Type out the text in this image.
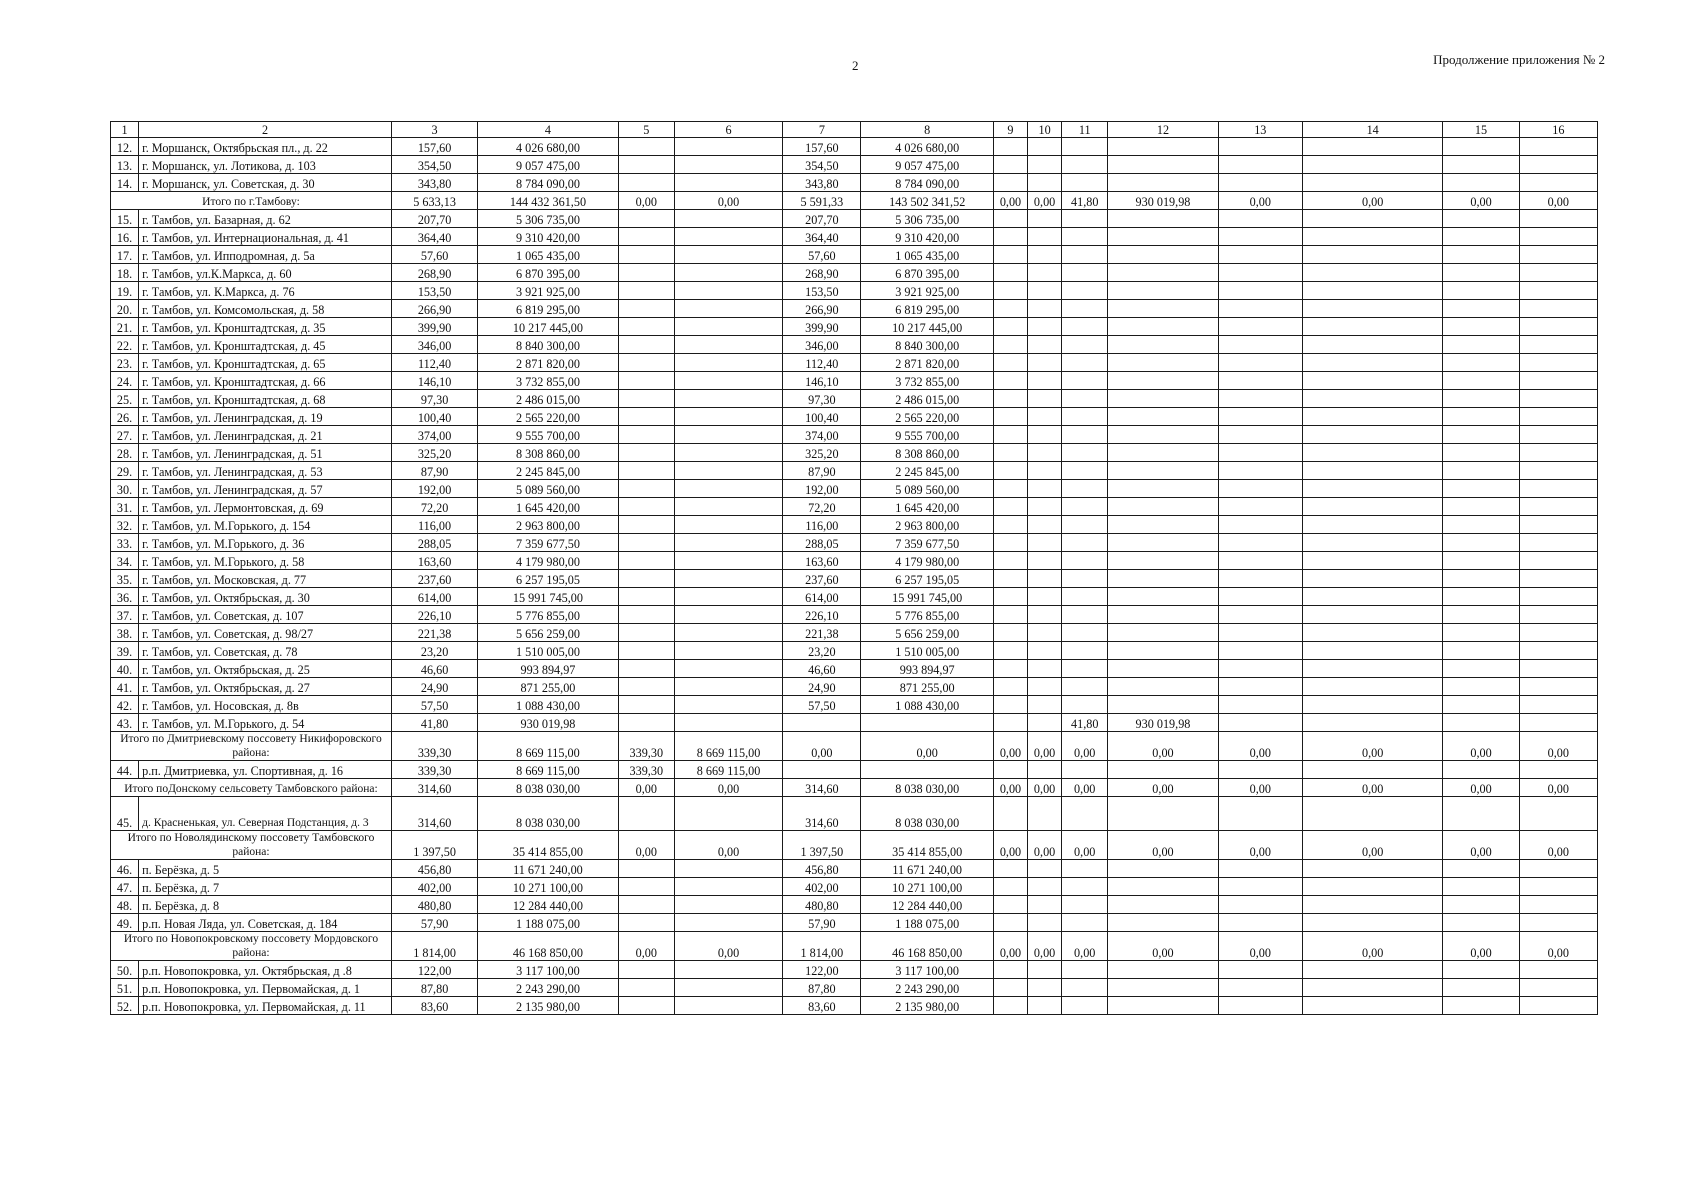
2	Продолжение приложения № 2
1	2	3	4	5	6	7	8	9	10	11	12	13	14	15	16
12.	г. Моршанск, Октябрьская пл., д. 22	157,60	4 026 680,00			157,60	4 026 680,00								
13.	г. Моршанск, ул. Лотикова, д. 103	354,50	9 057 475,00			354,50	9 057 475,00								
14.	г. Моршанск, ул. Советская, д. 30	343,80	8 784 090,00			343,80	8 784 090,00								
Итого по г.Тамбову:		5 633,13	144 432 361,50	0,00	0,00	5 591,33	143 502 341,52	0,00	0,00	41,80	930 019,98	0,00	0,00	0,00	0,00
15.	г. Тамбов, ул. Базарная, д. 62	207,70	5 306 735,00			207,70	5 306 735,00								
16.	г. Тамбов, ул. Интернациональная, д. 41	364,40	9 310 420,00			364,40	9 310 420,00								
17.	г. Тамбов, ул. Ипподромная, д. 5а	57,60	1 065 435,00			57,60	1 065 435,00								
18.	г. Тамбов, ул.К.Маркса, д. 60	268,90	6 870 395,00			268,90	6 870 395,00								
19.	г. Тамбов, ул. К.Маркса, д. 76	153,50	3 921 925,00			153,50	3 921 925,00								
20.	г. Тамбов, ул. Комсомольская, д. 58	266,90	6 819 295,00			266,90	6 819 295,00								
21.	г. Тамбов, ул. Кронштадтская, д. 35	399,90	10 217 445,00			399,90	10 217 445,00								
22.	г. Тамбов, ул. Кронштадтская, д. 45	346,00	8 840 300,00			346,00	8 840 300,00								
23.	г. Тамбов, ул. Кронштадтская, д. 65	112,40	2 871 820,00			112,40	2 871 820,00								
24.	г. Тамбов, ул. Кронштадтская, д. 66	146,10	3 732 855,00			146,10	3 732 855,00								
25.	г. Тамбов, ул. Кронштадтская, д. 68	97,30	2 486 015,00			97,30	2 486 015,00								
26.	г. Тамбов, ул. Ленинградская, д. 19	100,40	2 565 220,00			100,40	2 565 220,00								
27.	г. Тамбов, ул. Ленинградская, д. 21	374,00	9 555 700,00			374,00	9 555 700,00								
28.	г. Тамбов, ул. Ленинградская, д. 51	325,20	8 308 860,00			325,20	8 308 860,00								
29.	г. Тамбов, ул. Ленинградская, д. 53	87,90	2 245 845,00			87,90	2 245 845,00								
30.	г. Тамбов, ул. Ленинградская, д. 57	192,00	5 089 560,00			192,00	5 089 560,00								
31.	г. Тамбов, ул. Лермонтовская, д. 69	72,20	1 645 420,00			72,20	1 645 420,00								
32.	г. Тамбов, ул. М.Горького, д. 154	116,00	2 963 800,00			116,00	2 963 800,00								
33.	г. Тамбов, ул. М.Горького, д. 36	288,05	7 359 677,50			288,05	7 359 677,50								
34.	г. Тамбов, ул. М.Горького, д. 58	163,60	4 179 980,00			163,60	4 179 980,00								
35.	г. Тамбов, ул. Московская, д. 77	237,60	6 257 195,05			237,60	6 257 195,05								
36.	г. Тамбов, ул. Октябрьская, д. 30	614,00	15 991 745,00			614,00	15 991 745,00								
37.	г. Тамбов, ул. Советская, д. 107	226,10	5 776 855,00			226,10	5 776 855,00								
38.	г. Тамбов, ул. Советская, д. 98/27	221,38	5 656 259,00			221,38	5 656 259,00								
39.	г. Тамбов, ул. Советская, д. 78	23,20	1 510 005,00			23,20	1 510 005,00								
40.	г. Тамбов, ул. Октябрьская, д. 25	46,60	993 894,97			46,60	993 894,97								
41.	г. Тамбов, ул. Октябрьская, д. 27	24,90	871 255,00			24,90	871 255,00								
42.	г. Тамбов, ул. Носовская, д. 8в	57,50	1 088 430,00			57,50	1 088 430,00								
43.	г. Тамбов, ул. М.Горького, д. 54	41,80	930 019,98							41,80	930 019,98				
Итого по Дмитриевскому поссовету Никифоровского района:		339,30	8 669 115,00	339,30	8 669 115,00	0,00	0,00	0,00	0,00	0,00	0,00	0,00	0,00	0,00	0,00
44.	р.п. Дмитриевка, ул. Спортивная, д. 16	339,30	8 669 115,00	339,30	8 669 115,00										
Итого поДонскому сельсовету Тамбовского района:		314,60	8 038 030,00	0,00	0,00	314,60	8 038 030,00	0,00	0,00	0,00	0,00	0,00	0,00	0,00	0,00
45.	д. Красненькая, ул. Северная Подстанция, д. 3	314,60	8 038 030,00			314,60	8 038 030,00								
Итого по Новолядинскому поссовету Тамбовского района:		1 397,50	35 414 855,00	0,00	0,00	1 397,50	35 414 855,00	0,00	0,00	0,00	0,00	0,00	0,00	0,00	0,00
46.	п. Берёзка, д. 5	456,80	11 671 240,00			456,80	11 671 240,00								
47.	п. Берёзка, д. 7	402,00	10 271 100,00			402,00	10 271 100,00								
48.	п. Берёзка, д. 8	480,80	12 284 440,00			480,80	12 284 440,00								
49.	р.п. Новая Ляда, ул. Советская, д. 184	57,90	1 188 075,00			57,90	1 188 075,00								
Итого по Новопокровскому поссовету Мордовского района:		1 814,00	46 168 850,00	0,00	0,00	1 814,00	46 168 850,00	0,00	0,00	0,00	0,00	0,00	0,00	0,00	0,00
50.	р.п. Новопокровка, ул. Октябрьская, д .8	122,00	3 117 100,00			122,00	3 117 100,00								
51.	р.п. Новопокровка, ул. Первомайская, д. 1	87,80	2 243 290,00			87,80	2 243 290,00								
52.	р.п. Новопокровка, ул. Первомайская, д. 11	83,60	2 135 980,00			83,60	2 135 980,00								
